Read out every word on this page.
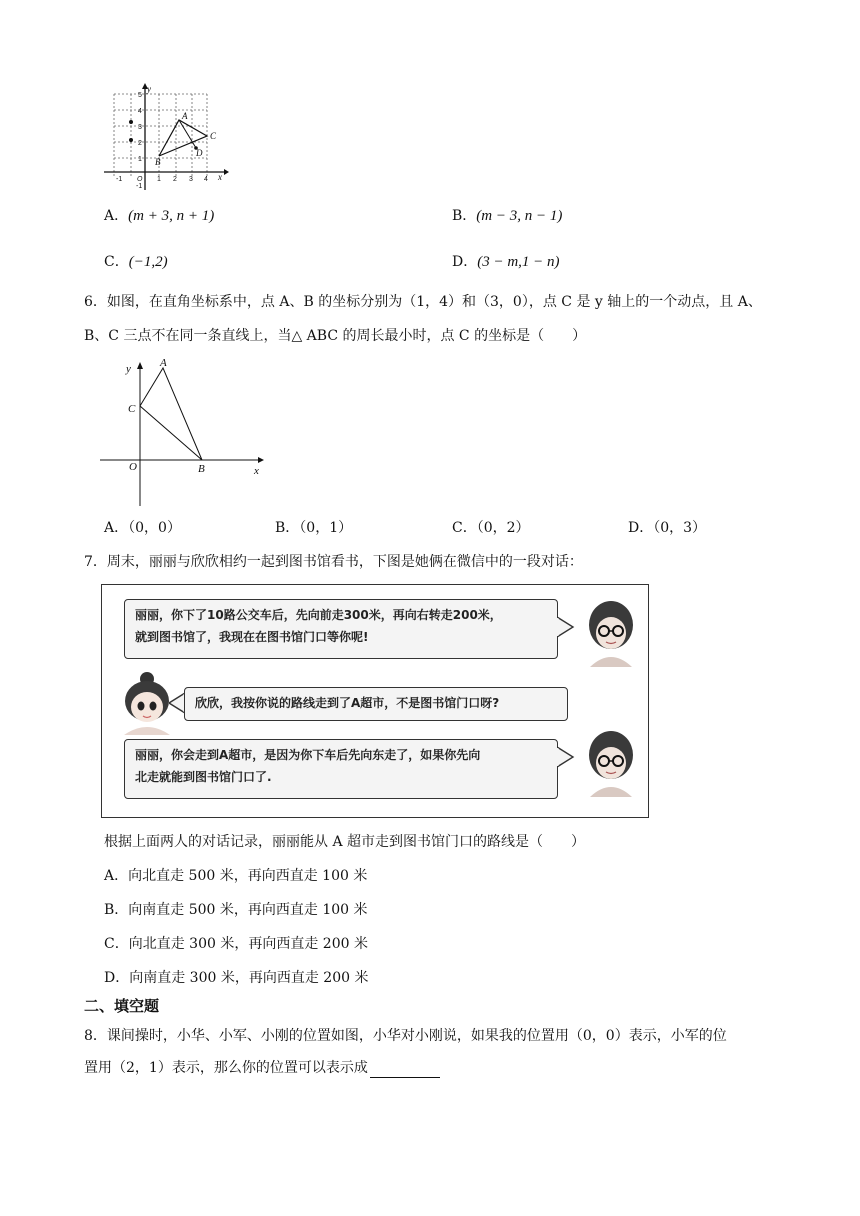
y
x
A
B
C
D
5
4
3
2
1
-1
-1 O 1 2 3 4
A．(m + 3, n + 1)	B．(m − 3, n − 1)
C．(−1,2)	D．(3 − m,1 − n)
6．如图，在直角坐标系中，点 A、B 的坐标分别为（1，4）和（3，0），点 C 是 y 轴上的一个动点，且 A、
B、C 三点不在同一条直线上，当△ ABC 的周长最小时，点 C 的坐标是（　　）
y
x
A
B
C
O
A．（0，0）	B．（0，1）	C．（0，2）	D．（0，3）
7．周末，丽丽与欣欣相约一起到图书馆看书，下图是她俩在微信中的一段对话：
丽丽，你下了10路公交车后，先向前走300米，再向右转走200米，
就到图书馆了，我现在在图书馆门口等你呢!
欣欣，我按你说的路线走到了A超市，不是图书馆门口呀?
丽丽，你会走到A超市，是因为你下车后先向东走了，如果你先向
北走就能到图书馆门口了.
根据上面两人的对话记录，丽丽能从 A 超市走到图书馆门口的路线是（　　）
A．向北直走 500 米，再向西直走 100 米
B．向南直走 500 米，再向西直走 100 米
C．向北直走 300 米，再向西直走 200 米
D．向南直走 300 米，再向西直走 200 米
二、填空题
8．课间操时，小华、小军、小刚的位置如图，小华对小刚说，如果我的位置用（0，0）表示，小军的位
置用（2，1）表示，那么你的位置可以表示成
